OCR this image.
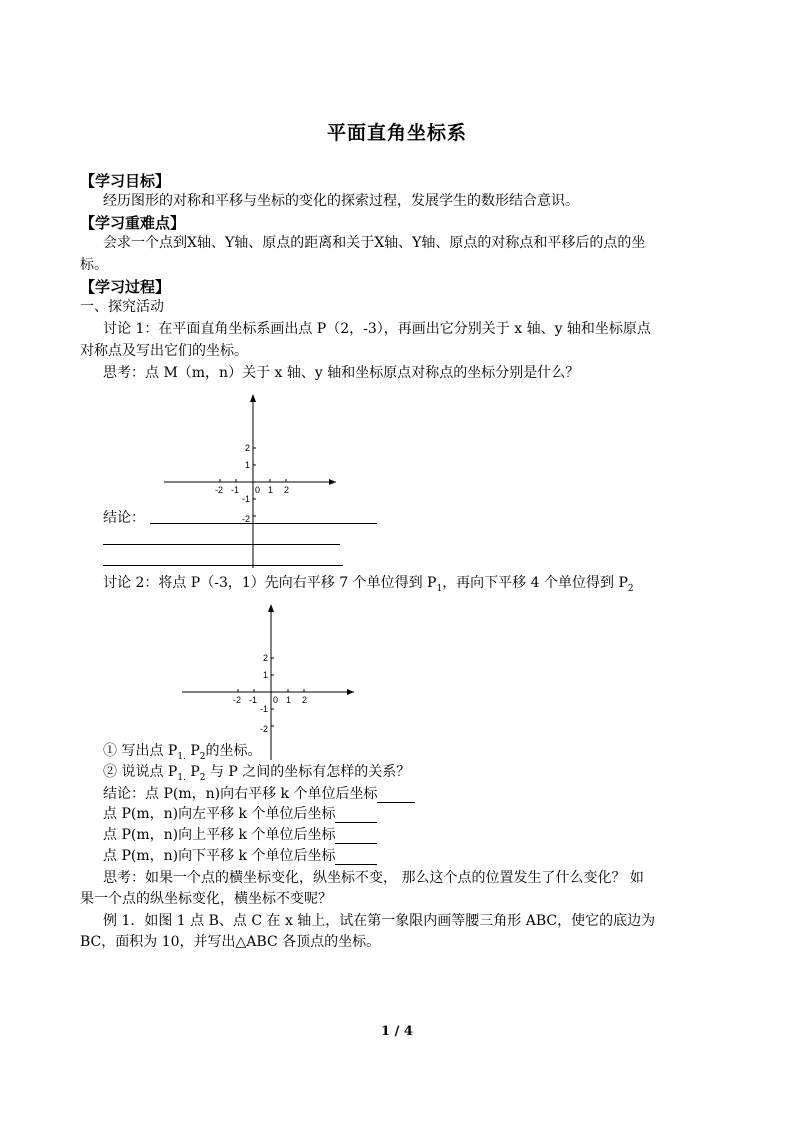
平面直角坐标系
【学习目标】
经历图形的对称和平移与坐标的变化的探索过程，发展学生的数形结合意识。
【学习重难点】
会求一个点到X轴、Y轴、原点的距离和关于X轴、Y轴、原点的对称点和平移后的点的坐
标。
【学习过程】
一、探究活动
讨论 1：在平面直角坐标系画出点 P（2，-3），再画出它分别关于 x 轴、y 轴和坐标原点
对称点及写出它们的坐标。
思考：点 M（m，n）关于 x 轴、y 轴和坐标原点对称点的坐标分别是什么？
-2 -1 0 1 2
2
1
-1
-2
结论：
讨论 2：将点 P（-3，1）先向右平移 7 个单位得到 $P_1$，再向下平移 4 个单位得到 $P_2$
-2 -1 0 1 2
2
1
-1
-2
① 写出点 $P_{1.}$ $P_2$的坐标。
② 说说点 $P_{1.}$ $P_2$ 与 P 之间的坐标有怎样的关系？
结论：点 P(m，n)向右平移 k 个单位后坐标
点 P(m，n)向左平移 k 个单位后坐标
点 P(m，n)向上平移 k 个单位后坐标
点 P(m，n)向下平移 k 个单位后坐标
思考：如果一个点的横坐标变化，纵坐标不变， 那么这个点的位置发生了什么变化？ 如
果一个点的纵坐标变化，横坐标不变呢？
例 1．如图 1 点 B、点 C 在 x 轴上，试在第一象限内画等腰三角形 ABC，使它的底边为
BC，面积为 10，并写出△ABC 各顶点的坐标。
1 / 4
